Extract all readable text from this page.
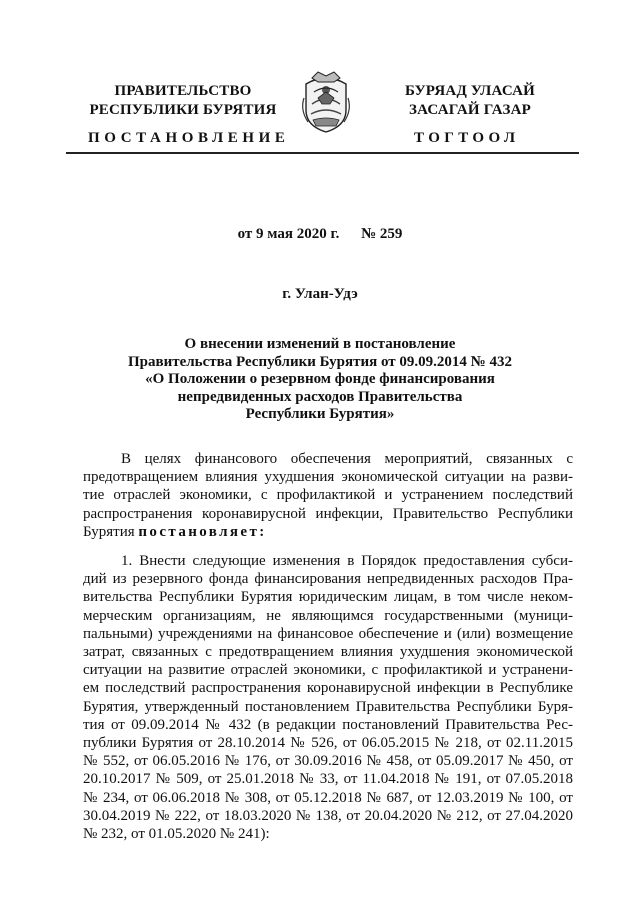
ПРАВИТЕЛЬСТВО
РЕСПУБЛИКИ БУРЯТИЯ
БУРЯАД УЛАСАЙ
ЗАСАГАЙ ГАЗАР
ПОСТАНОВЛЕНИЕ	ТОГТООЛ
от 9 мая 2020 г. № 259
г. Улан-Удэ
О внесении изменений в постановление
Правительства Республики Бурятия от 09.09.2014 № 432
«О Положении о резервном фонде финансирования
непредвиденных расходов Правительства
Республики Бурятия»
В целях финансового обеспечения мероприятий, связанных с
предотвращением влияния ухудшения экономической ситуации на разви-
тие отраслей экономики, с профилактикой и устранением последствий
распространения коронавирусной инфекции, Правительство Республики
Бурятия постановляет:
1. Внести следующие изменения в Порядок предоставления субси-
дий из резервного фонда финансирования непредвиденных расходов Пра-
вительства Республики Бурятия юридическим лицам, в том числе неком-
мерческим организациям, не являющимся государственными (муници-
пальными) учреждениями на финансовое обеспечение и (или) возмещение
затрат, связанных с предотвращением влияния ухудшения экономической
ситуации на развитие отраслей экономики, с профилактикой и устранени-
ем последствий распространения коронавирусной инфекции в Республике
Бурятия, утвержденный постановлением Правительства Республики Буря-
тия от 09.09.2014 № 432 (в редакции постановлений Правительства Рес-
публики Бурятия от 28.10.2014 № 526, от 06.05.2015 № 218, от 02.11.2015
№ 552, от 06.05.2016 № 176, от 30.09.2016 № 458, от 05.09.2017 № 450, от
20.10.2017 № 509, от 25.01.2018 № 33, от 11.04.2018 № 191, от 07.05.2018
№ 234, от 06.06.2018 № 308, от 05.12.2018 № 687, от 12.03.2019 № 100, от
30.04.2019 № 222, от 18.03.2020 № 138, от 20.04.2020 № 212, от 27.04.2020
№ 232, от 01.05.2020 № 241):
